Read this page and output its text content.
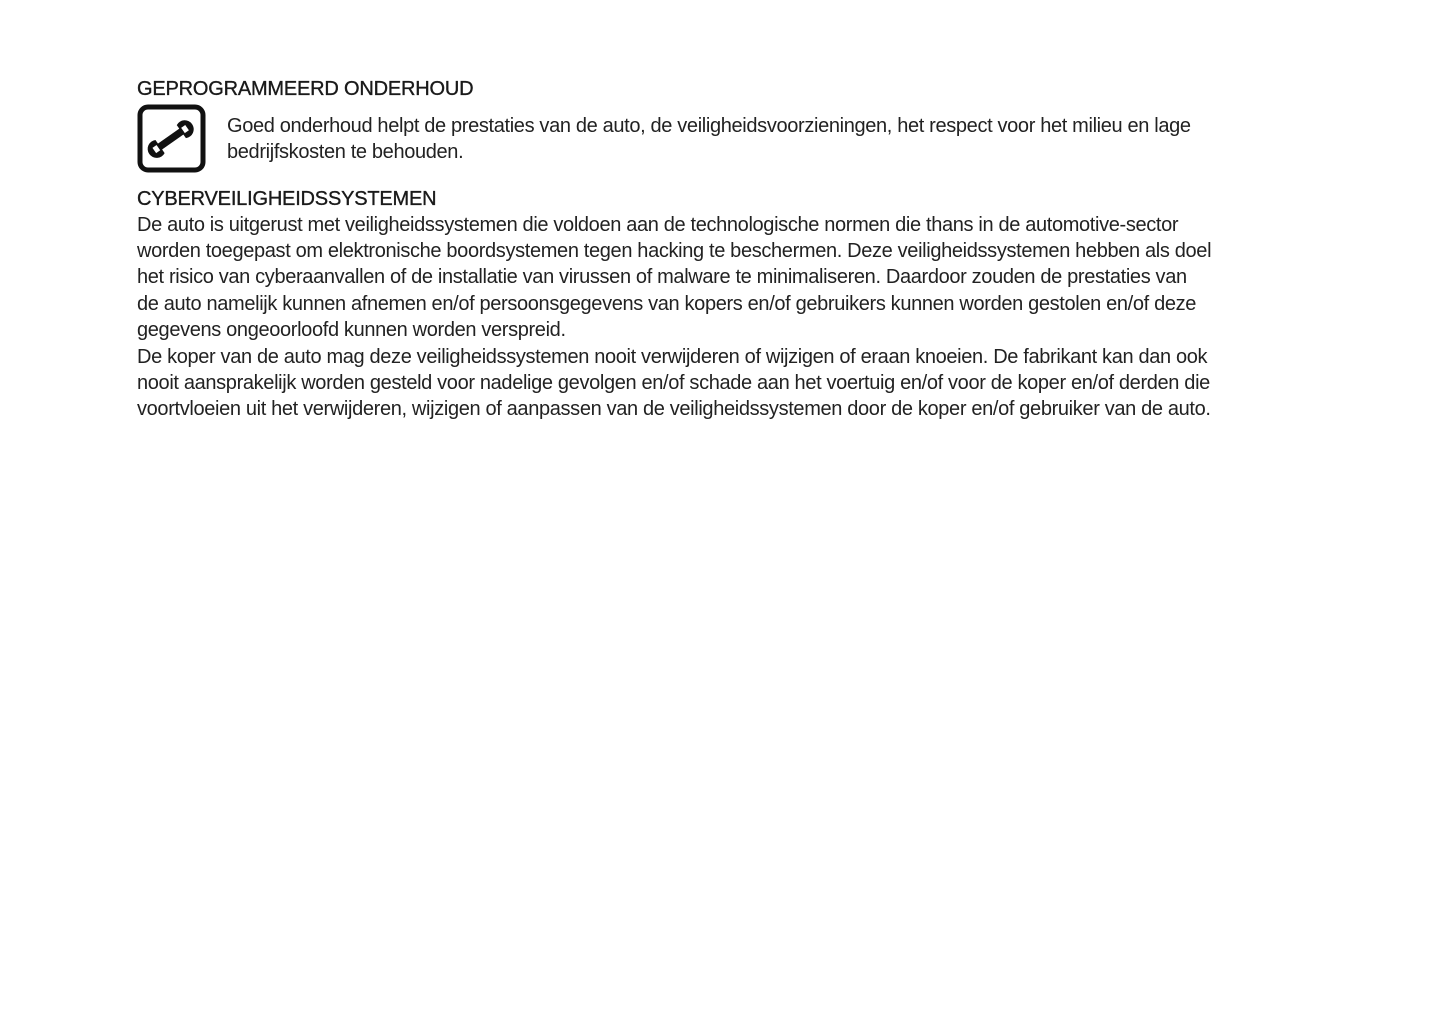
GEPROGRAMMEERD ONDERHOUD

Goed onderhoud helpt de prestaties van de auto, de veiligheidsvoorzieningen, het respect voor het milieu en lage
bedrijfskosten te behouden.

CYBERVEILIGHEIDSSYSTEMEN

De auto is uitgerust met veiligheidssystemen die voldoen aan de technologische normen die thans in de automotive-sector
worden toegepast om elektronische boordsystemen tegen hacking te beschermen. Deze veiligheidssystemen hebben als doel
het risico van cyberaanvallen of de installatie van virussen of malware te minimaliseren. Daardoor zouden de prestaties van
de auto namelijk kunnen afnemen en/of persoonsgegevens van kopers en/of gebruikers kunnen worden gestolen en/of deze
gegevens ongeoorloofd kunnen worden verspreid.

De koper van de auto mag deze veiligheidssystemen nooit verwijderen of wijzigen of eraan knoeien. De fabrikant kan dan ook
nooit aansprakelijk worden gesteld voor nadelige gevolgen en/of schade aan het voertuig en/of voor de koper en/of derden die
voortvloeien uit het verwijderen, wijzigen of aanpassen van de veiligheidssystemen door de koper en/of gebruiker van de auto.
